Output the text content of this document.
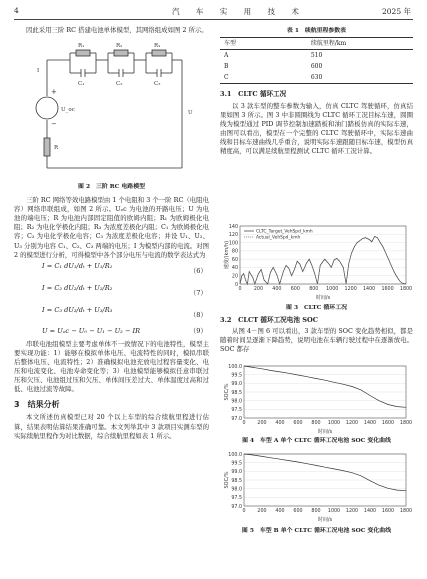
4	汽 车 实 用 技 术	2025 年

因此采用三阶 RC 搭建电池单体模型，其网络组成如图 2 所示。

+
−
R₁	R₂	R₃
C₁	C₂	C₃
U_oc
R
U
I
图 2　三阶 RC 电路模型

三阶 RC 网络等效电路模型由 1 个电阻和 3 个一阶 RC（电阻电容）网络串联组成，如图 2 所示。Uₒc 为电池的开路电压；U 为电池的端电压；R 为电池内部固定阻值的欧姆内阻；R₁ 为欧姆极化电阻；R₂ 为电化学极化内阻；R₃ 为浓度差极化内阻；C₁ 为欧姆极化电容；C₂ 为电化学极化电容；C₃ 为浓度差极化电容；并设 U₁、U₂、U₃ 分别为电容 C₁、C₂、C₃ 两端的电压；I 为模型内部的电流。对图 2 的模型进行分析，可得模型中各个部分电压与电流的数学表达式为

I = C₁ dU₁/dₜ + U₁/R₁
（6）
I = C₂ dU₂/dₜ + U₂/R₂
（7）
I = C₃ dU₃/dₜ + U₃/R₃
（8）
U = Uₒc − U₀ − U₁ − U₂ − IR	（9）

串联电池组模型主要考虑单体不一致情况下的电池特性，模型主要实现功能：1）能够在模拟单体电压、电流特性的同时，模拟串联后整体电压、电流特性；2）准确模拟电池充放电过程容量变化、电压和电流变化、电池寿命变化等；3）电池模型能够模拟任意串联过压和欠压、电池组过压和欠压、单体间压差过大、单体温度过高和过低、电池过流等故障。

3　结果分析

本文所述仿真模型已对 20 个以上车型的综合续航里程进行估算，结果表明估算结果准确可靠。本文列举其中 3 款项目实测车型的实际续航里程作为对比数据，综合续航里程如表 1 所示。

表 1　续航里程参数表
车型	续航里程/km
A	510
B	600
C	630
3.1　CLTC 循环工况

以 3 款车型的整车参数为输入，仿真 CLTC 驾驶循环，仿真结果如图 3 所示。图 3 中非圆圈线为 CLTC 循环工况目标车速，圆圈线为模型通过 PID 调节控制加速踏板和油门踏板仿真的实际车速，由图可以看出，模型在一个完整的 CLTC 驾驶循环中，实际车速曲线和目标车速曲线几乎重合，说明实际车速跟随目标车速，模型仿真精度高，可以满足续航里程测试 CLTC 循环工况计算。

0
20
40
60
80
100
120
140
0	200 400 600 800 1000 1200 1400 1600 1800
时间/s
速度/(km/h)
CLTC_Target_VehSpd_kmh
Actual_VehSpd_kmh
图 3　CLTC 循环工况
3.2　CLCT 循环工况电池 SOC

从图 4－图 6 可以看出，3 款车型的 SOC 变化趋势相似，都是随着时间呈逐渐下降趋势，说明电池在车辆行驶过程中在逐渐放电。SOC 都存

97.0
97.5
98.0
98.5
99.0
99.5
100.0
0 200 400 600 800 1000 1200 1400 1600 1800
时间/s
SOC/%
图 4　车型 A 单个 CLTC 循环工况电池 SOC 变化曲线
97.0
97.5
98.0
98.5
99.0
99.5
100.0
0 200 400 600 800 1000 1200 1400 1600 1800
时间/s
SOC/%
图 5　车型 B 单个 CLTC 循环工况电池 SOC 变化曲线
